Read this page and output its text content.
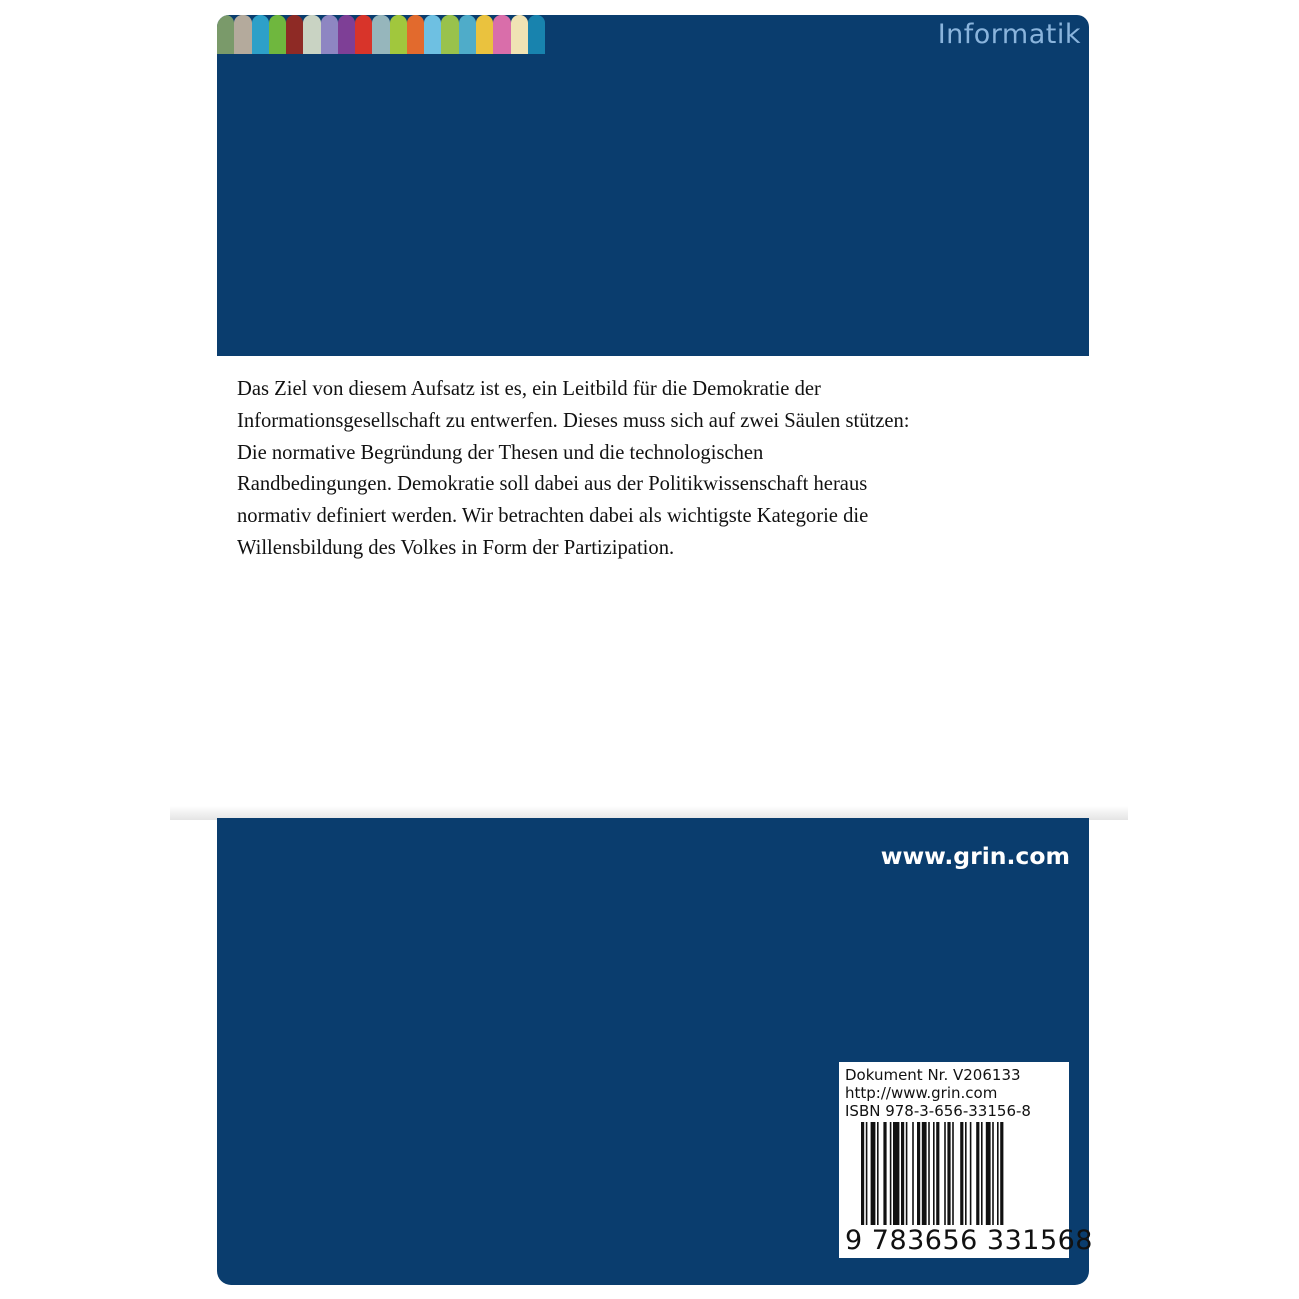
Informatik
Das Ziel von diesem Aufsatz ist es, ein Leitbild für die Demokratie der
Informationsgesellschaft zu entwerfen. Dieses muss sich auf zwei Säulen stützen:
Die normative Begründung der Thesen und die technologischen
Randbedingungen. Demokratie soll dabei aus der Politikwissenschaft heraus
normativ definiert werden. Wir betrachten dabei als wichtigste Kategorie die
Willensbildung des Volkes in Form der Partizipation.
www.grin.com
Dokument Nr. V206133
http://www.grin.com
ISBN 978-3-656-33156-8
9 783656 331568
